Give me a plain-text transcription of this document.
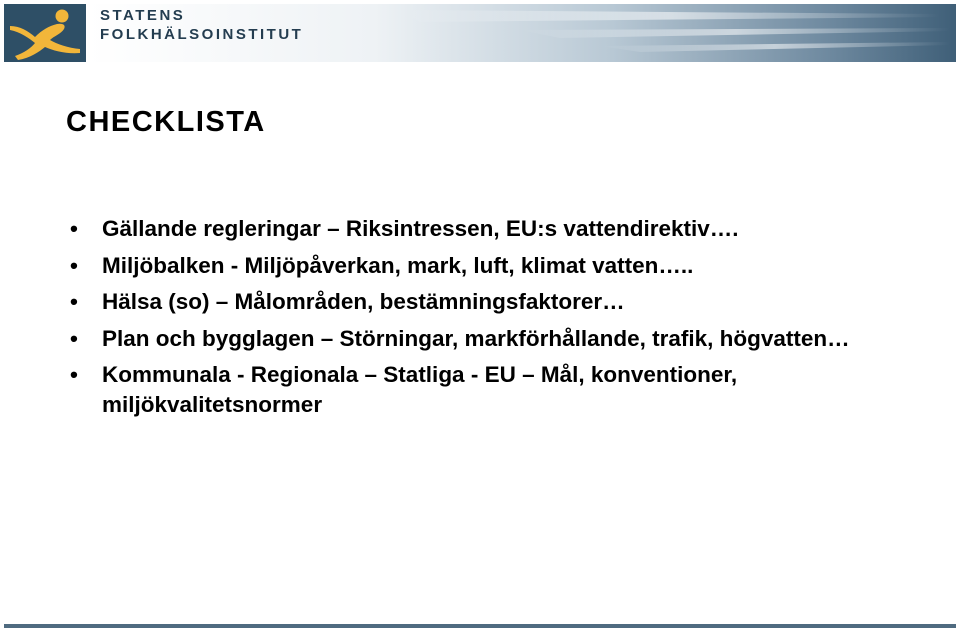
STATENS
FOLKHÄLSOINSTITUT
CHECKLISTA
• Gällande regleringar – Riksintressen, EU:s vattendirektiv….
• Miljöbalken - Miljöpåverkan, mark, luft, klimat vatten…..
• Hälsa (so) – Målområden, bestämningsfaktorer…
• Plan och bygglagen – Störningar, markförhållande, trafik, högvatten…
• Kommunala - Regionala – Statliga - EU – Mål, konventioner, miljökvalitetsnormer
